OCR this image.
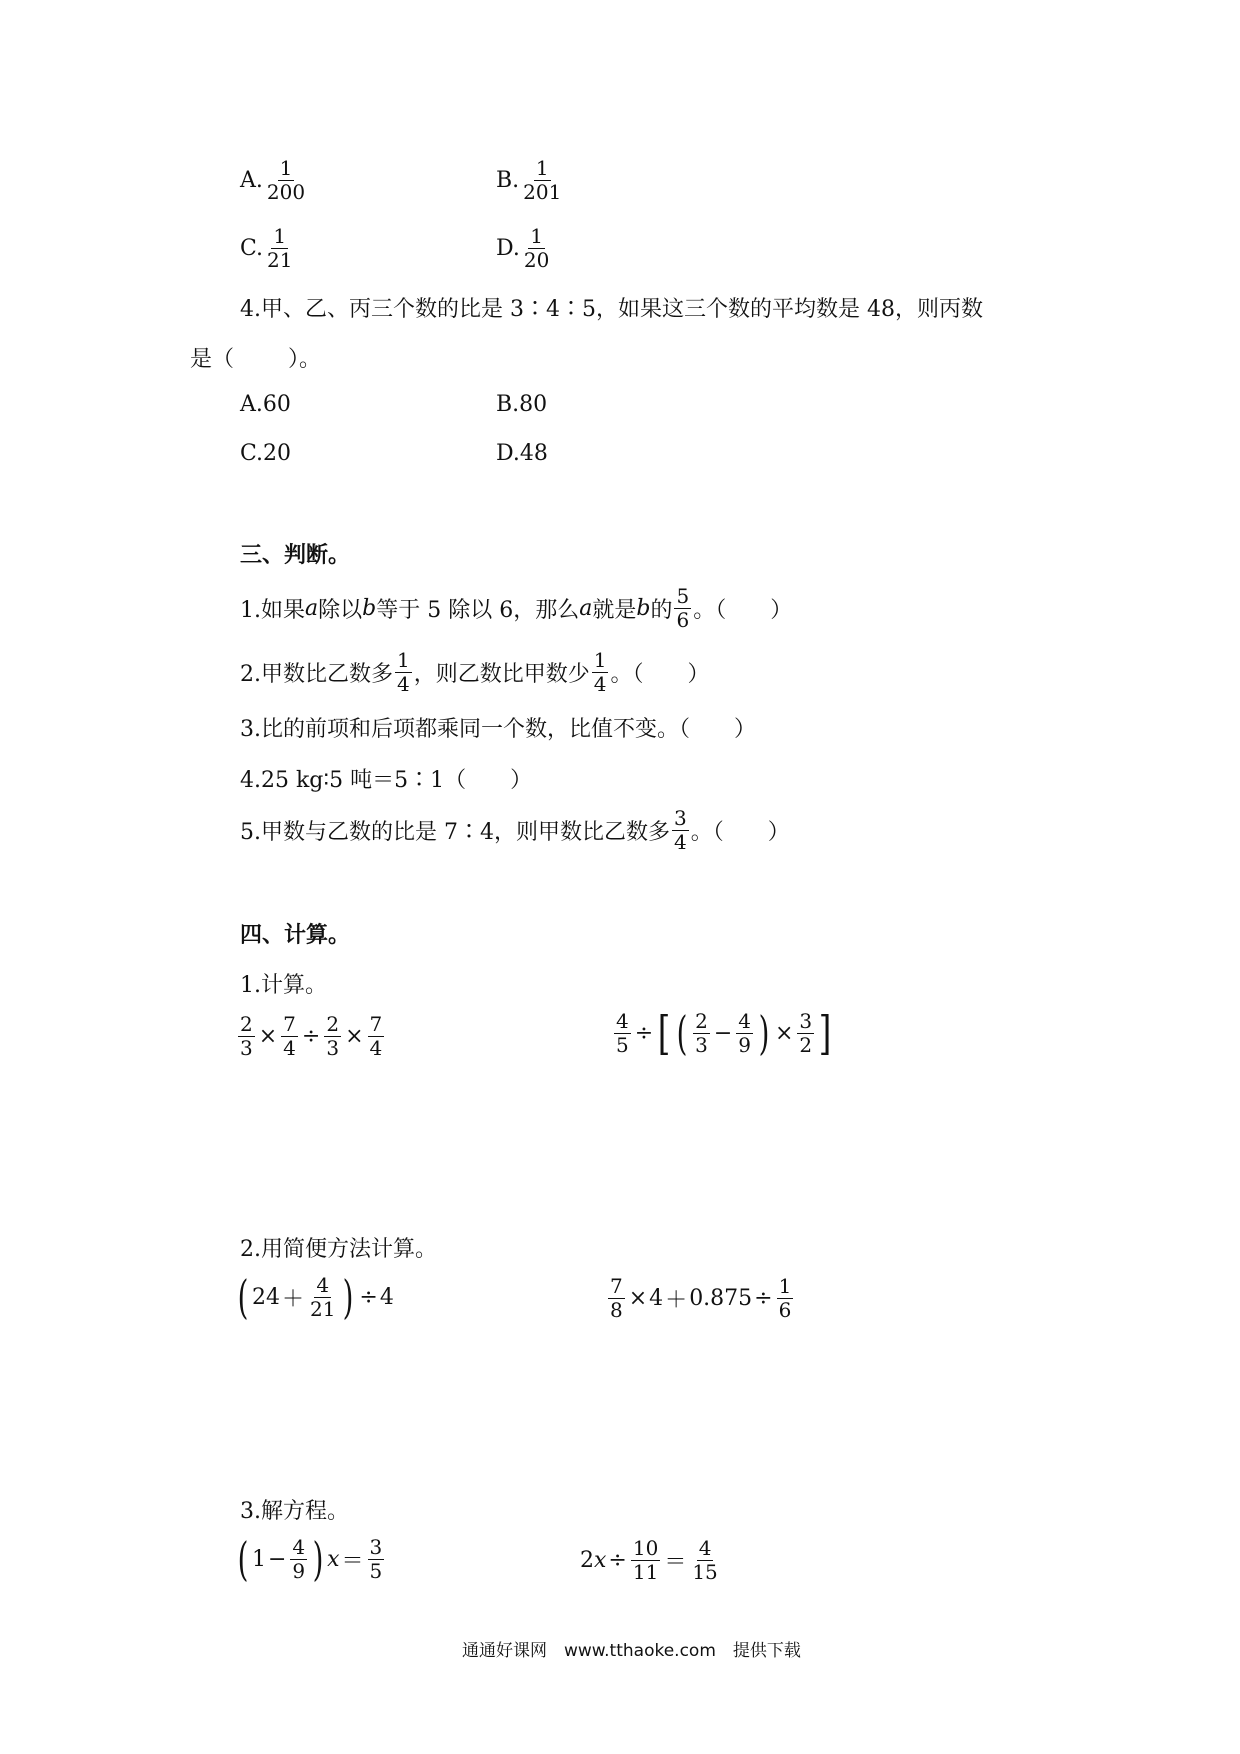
A. $\frac{1}{200}$	B. $\frac{1}{201}$
C. $\frac{1}{21}$	D. $\frac{1}{20}$
4.甲、乙、丙三个数的比是 3∶4∶5，如果这三个数的平均数是 48，则丙数
是（ ）。
A.60	B.80
C.20	D.48
三、判断。
1.如果 a 除以 b 等于 5 除以 6，那么 a 就是 b 的 $\frac{5}{6}$ 。（　　）
2.甲数比乙数多 $\frac{1}{4}$ ，则乙数比甲数少 $\frac{1}{4}$ 。（　　）
3.比的前项和后项都乘同一个数，比值不变。（　　）
4.25 kg∶5 吨＝5∶1（　　）
5.甲数与乙数的比是 7∶4，则甲数比乙数多 $\frac{3}{4}$ 。（　　）
四、计算。
1.计算。
$\frac{2}{3} \times \frac{7}{4} \div \frac{2}{3} \times \frac{7}{4}$	$\frac{4}{5}$ ÷ [ ( $\frac{2}{3} - \frac{4}{9}$ ) × $\frac{3}{2}$ ]
2.用简便方法计算。
( $24 + \frac{4}{21}$ ) ÷ 4	$\frac{7}{8} \times 4 + 0.875 \div \frac{1}{6}$
3.解方程。
( $1 - \frac{4}{9}$ ) $x = \frac{3}{5}$	2 $x \div \frac{10}{11} = \frac{4}{15}$
通通好课网　www.tthaoke.com　提供下载
